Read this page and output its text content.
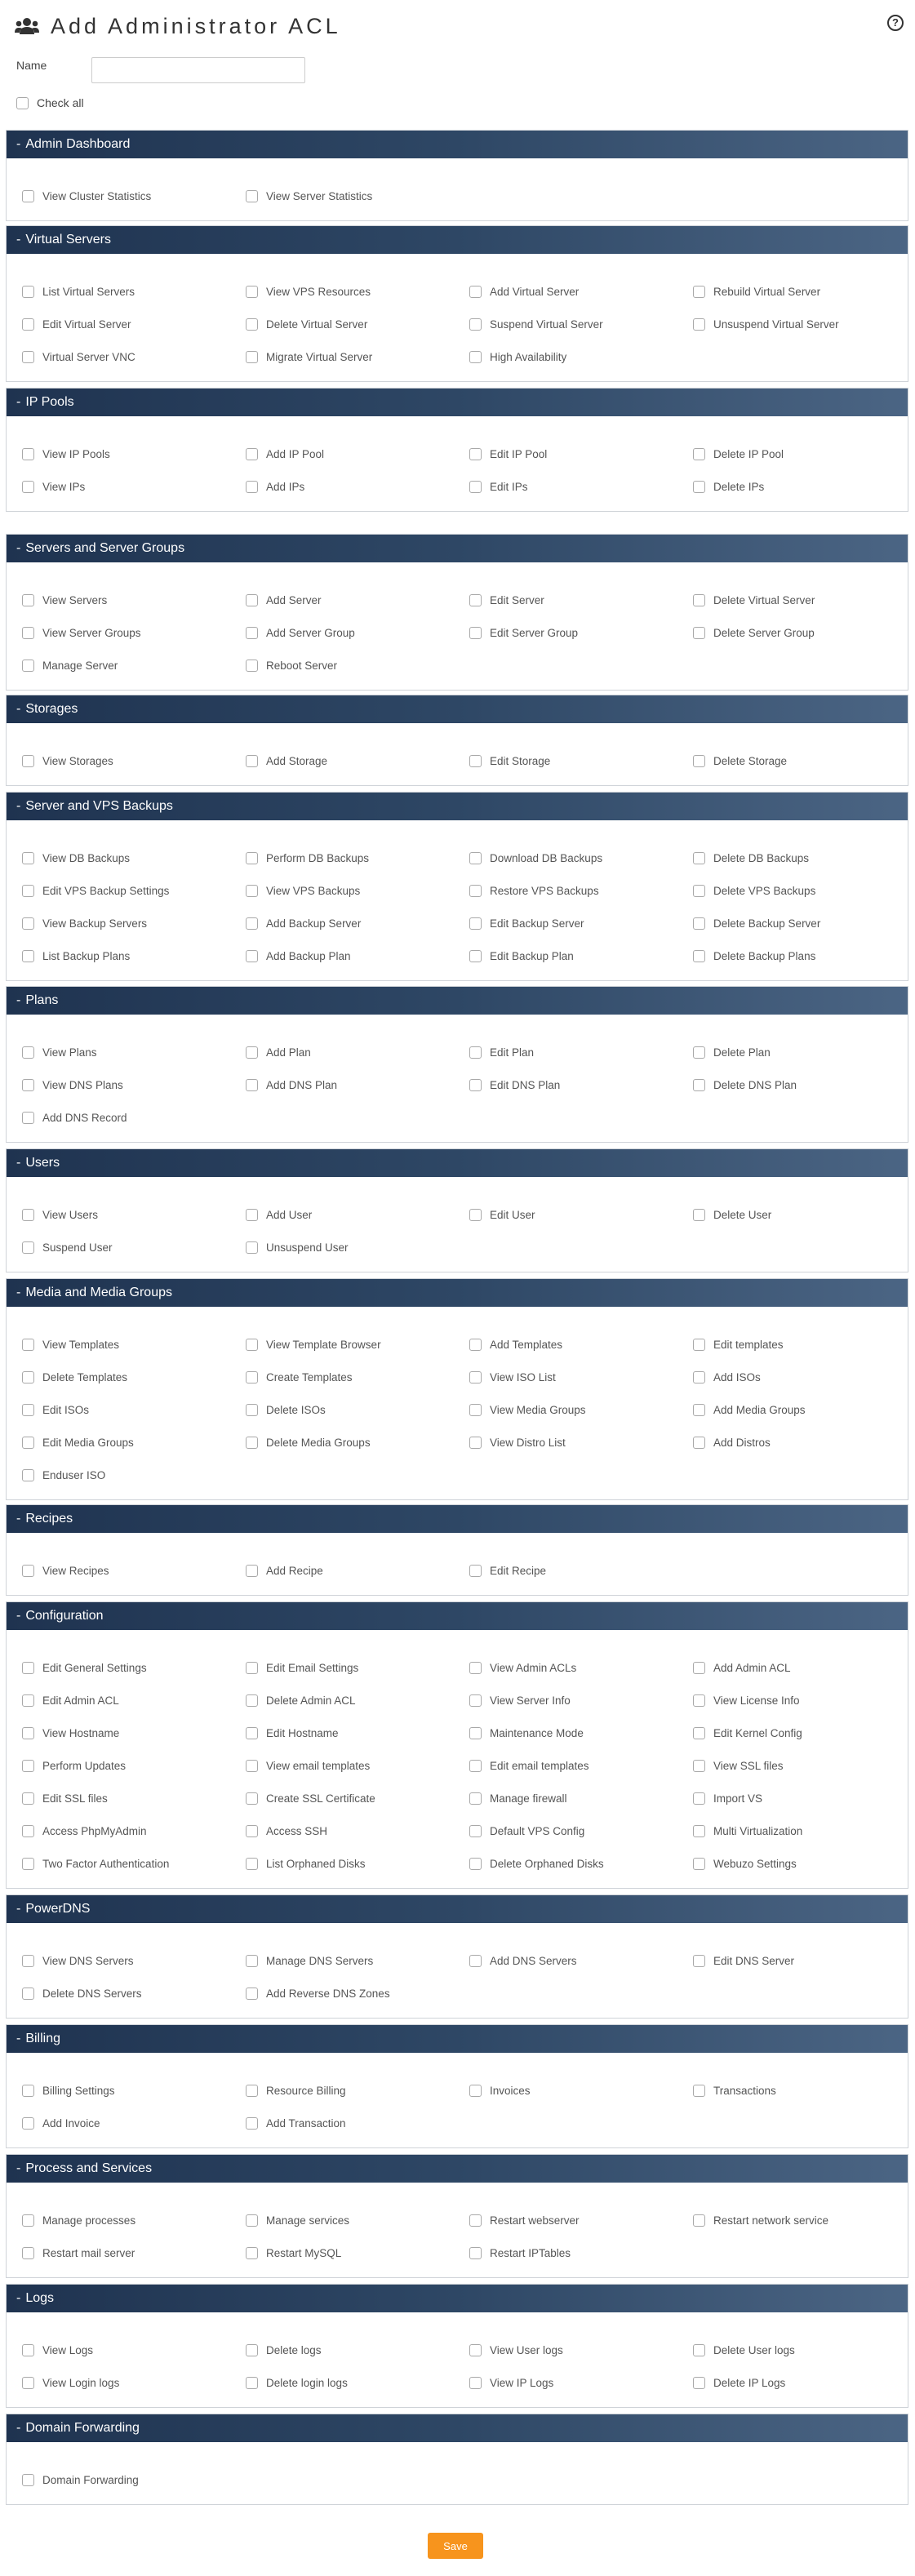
Add Administrator ACL	?
Name
Check all
- Admin Dashboard
View Cluster Statistics	View Server Statistics
- Virtual Servers
List Virtual Servers	View VPS Resources	Add Virtual Server	Rebuild Virtual Server
Edit Virtual Server	Delete Virtual Server	Suspend Virtual Server	Unsuspend Virtual Server
Virtual Server VNC	Migrate Virtual Server	High Availability
- IP Pools
View IP Pools	Add IP Pool	Edit IP Pool	Delete IP Pool
View IPs	Add IPs	Edit IPs	Delete IPs
- Servers and Server Groups
View Servers	Add Server	Edit Server	Delete Virtual Server
View Server Groups	Add Server Group	Edit Server Group	Delete Server Group
Manage Server	Reboot Server
- Storages
View Storages	Add Storage	Edit Storage	Delete Storage
- Server and VPS Backups
View DB Backups	Perform DB Backups	Download DB Backups	Delete DB Backups
Edit VPS Backup Settings	View VPS Backups	Restore VPS Backups	Delete VPS Backups
View Backup Servers	Add Backup Server	Edit Backup Server	Delete Backup Server
List Backup Plans	Add Backup Plan	Edit Backup Plan	Delete Backup Plans
- Plans
View Plans	Add Plan	Edit Plan	Delete Plan
View DNS Plans	Add DNS Plan	Edit DNS Plan	Delete DNS Plan
Add DNS Record
- Users
View Users	Add User	Edit User	Delete User
Suspend User	Unsuspend User
- Media and Media Groups
View Templates	View Template Browser	Add Templates	Edit templates
Delete Templates	Create Templates	View ISO List	Add ISOs
Edit ISOs	Delete ISOs	View Media Groups	Add Media Groups
Edit Media Groups	Delete Media Groups	View Distro List	Add Distros
Enduser ISO
- Recipes
View Recipes	Add Recipe	Edit Recipe
- Configuration
Edit General Settings	Edit Email Settings	View Admin ACLs	Add Admin ACL
Edit Admin ACL	Delete Admin ACL	View Server Info	View License Info
View Hostname	Edit Hostname	Maintenance Mode	Edit Kernel Config
Perform Updates	View email templates	Edit email templates	View SSL files
Edit SSL files	Create SSL Certificate	Manage firewall	Import VS
Access PhpMyAdmin	Access SSH	Default VPS Config	Multi Virtualization
Two Factor Authentication	List Orphaned Disks	Delete Orphaned Disks	Webuzo Settings
- PowerDNS
View DNS Servers	Manage DNS Servers	Add DNS Servers	Edit DNS Server
Delete DNS Servers	Add Reverse DNS Zones
- Billing
Billing Settings	Resource Billing	Invoices	Transactions
Add Invoice	Add Transaction
- Process and Services
Manage processes	Manage services	Restart webserver	Restart network service
Restart mail server	Restart MySQL	Restart IPTables
- Logs
View Logs	Delete logs	View User logs	Delete User logs
View Login logs	Delete login logs	View IP Logs	Delete IP Logs
- Domain Forwarding
Domain Forwarding
Save
